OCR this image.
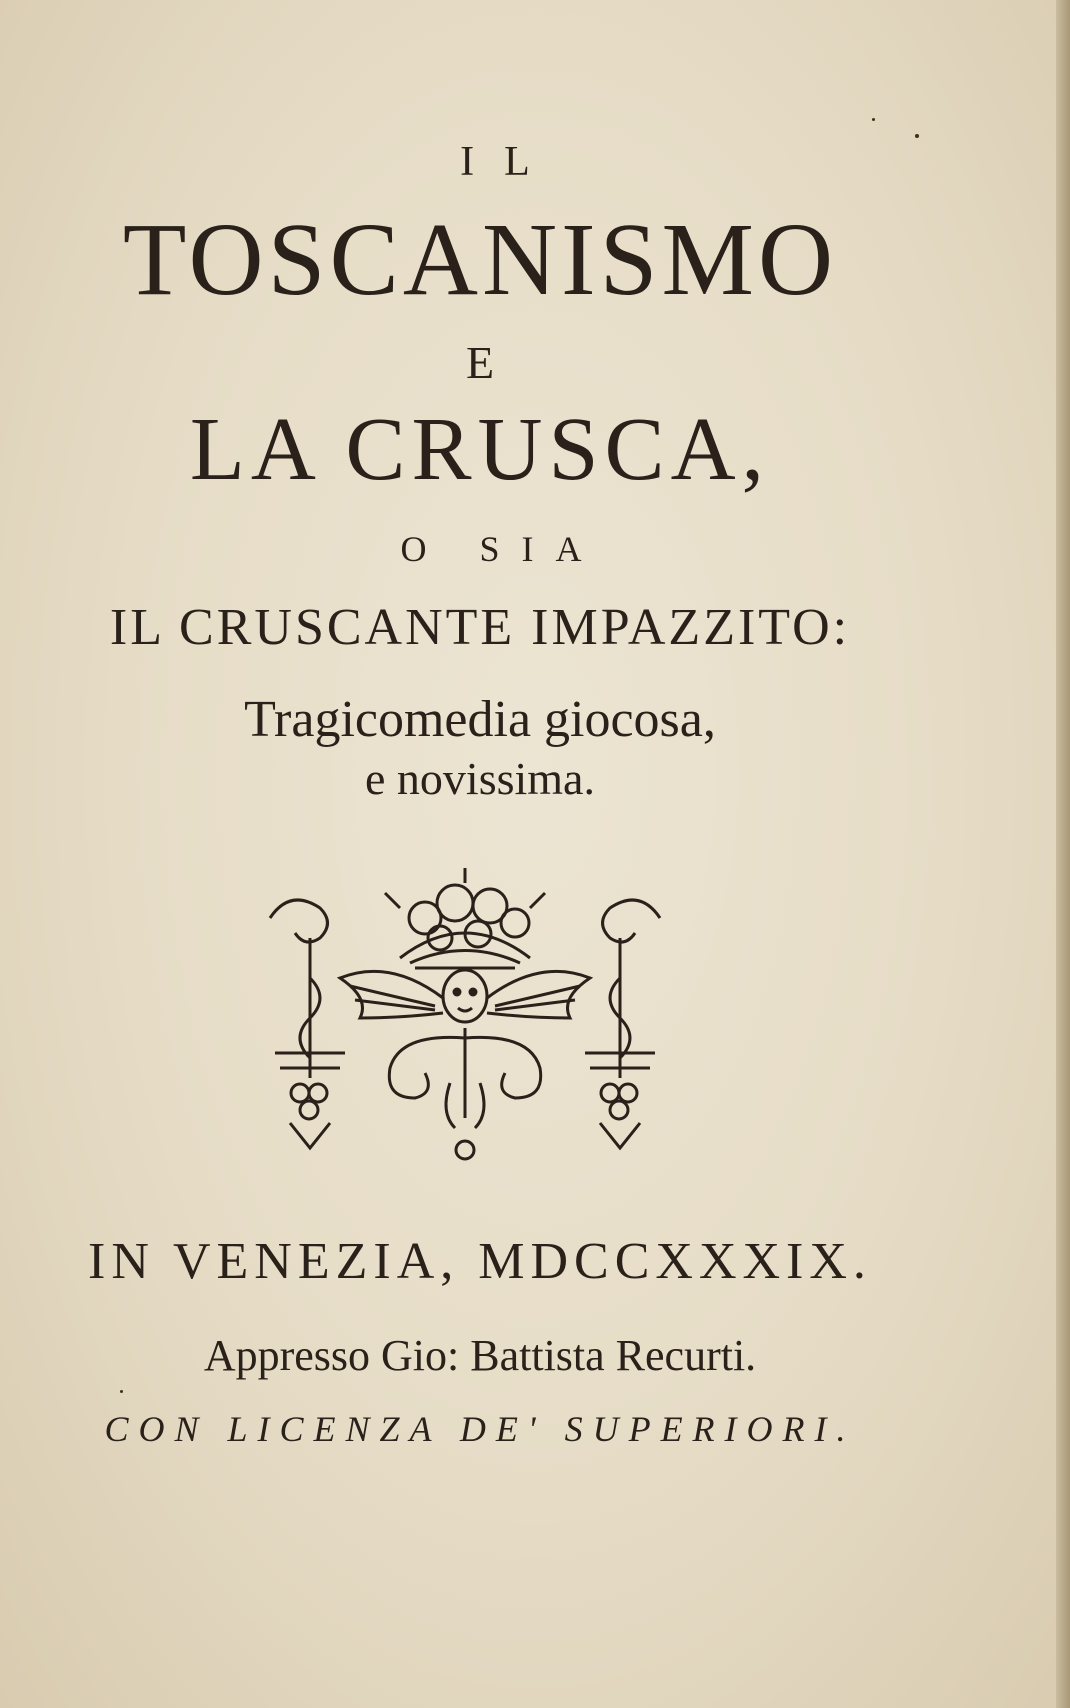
IL
TOSCANISMO
E
LA CRUSCA,
O SIA
IL CRUSCANTE IMPAZZITO:
Tragicomedia giocosa,
e novissima.
IN VENEZIA, MDCCXXXIX.
Appresso Gio: Battista Recurti.
CON LICENZA DE' SUPERIORI.
